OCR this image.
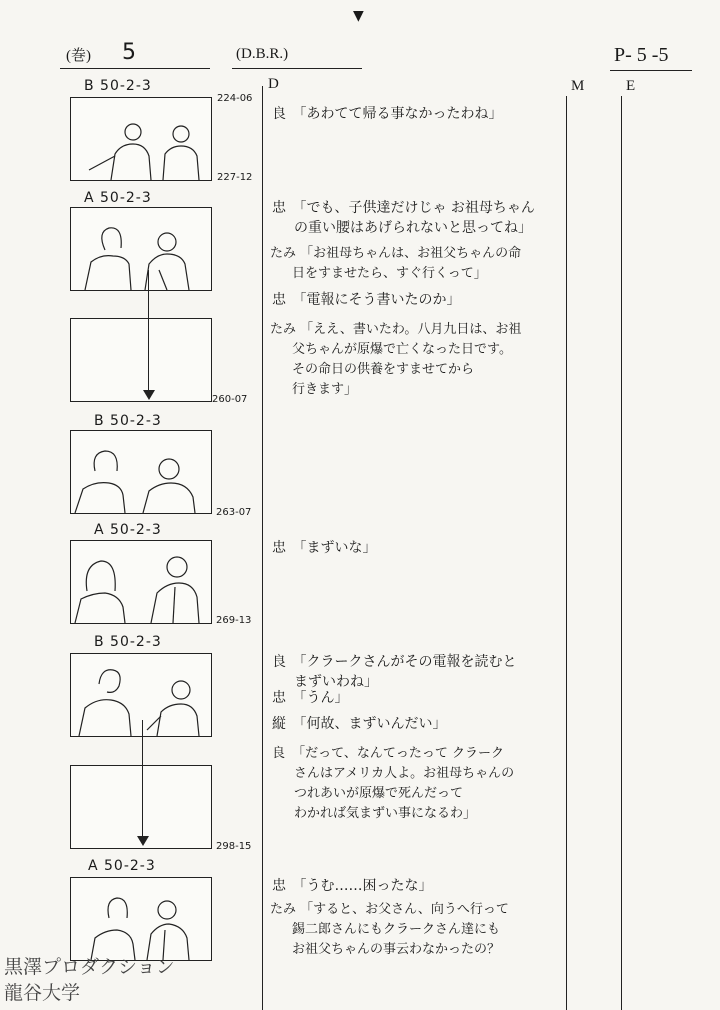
▼
(巻) 5	(D.B.R.)	P- 5 -5
D	M	E
B 50-2-3
224-06
227-12
A 50-2-3
260-07
B 50-2-3
263-07
A 50-2-3
269-13
B 50-2-3
298-15
A 50-2-3
良 「あわてて帰る事なかったわね」
忠 「でも、子供達だけじゃ お祖母ちゃん
の重い腰はあげられないと思ってね」
たみ 「お祖母ちゃんは、お祖父ちゃんの命
日をすませたら、すぐ行くって」
忠 「電報にそう書いたのか」
たみ 「ええ、書いたわ。八月九日は、お祖
父ちゃんが原爆で亡くなった日です。
その命日の供養をすませてから
行きます」
忠 「まずいな」
良 「クラークさんがその電報を読むと
まずいわね」
忠 「うん」
縦 「何故、まずいんだい」
良 「だって、なんてったって クラーク
さんはアメリカ人よ。お祖母ちゃんの
つれあいが原爆で死んだって
わかれば気まずい事になるわ」
忠 「うむ……困ったな」
たみ 「すると、お父さん、向うへ行って
錫二郎さんにもクラークさん達にも
お祖父ちゃんの事云わなかったの？
黒澤プロダクション
龍谷大学
